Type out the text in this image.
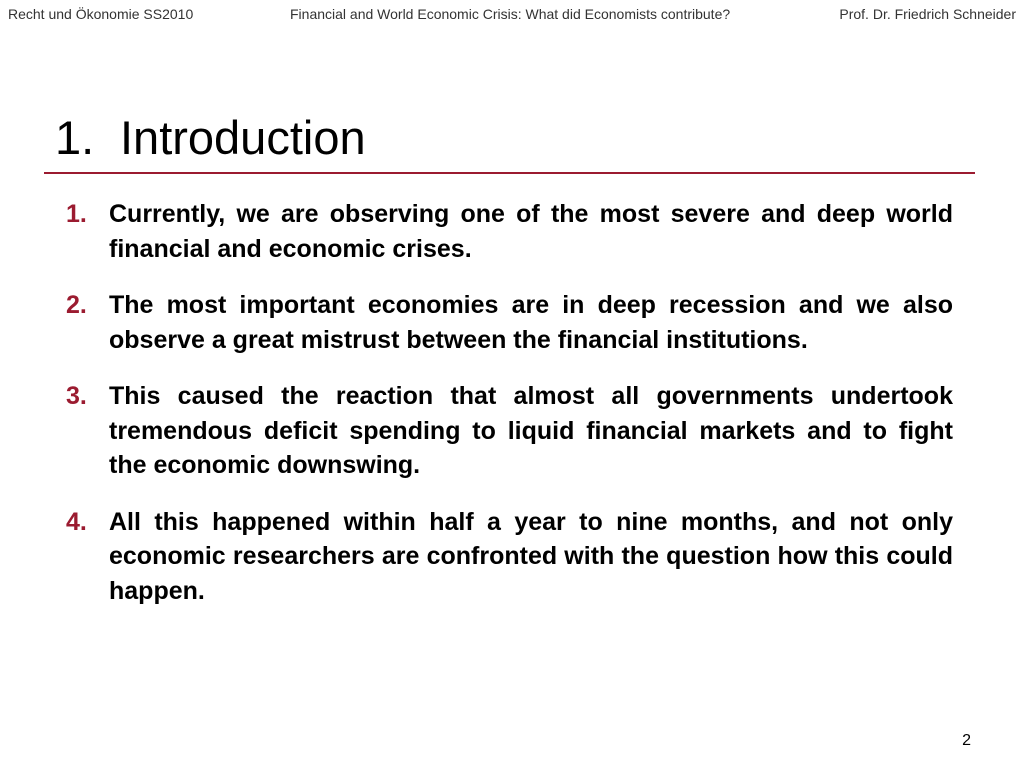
Recht und Ökonomie SS2010	Financial and World Economic Crisis: What did Economists contribute?	Prof. Dr. Friedrich Schneider
1. Introduction
1. Currently, we are observing one of the most severe and deep world financial and economic crises.
2. The most important economies are in deep recession and we also observe a great mistrust between the financial institutions.
3. This caused the reaction that almost all governments undertook tremendous deficit spending to liquid financial markets and to fight the economic downswing.
4. All this happened within half a year to nine months, and not only economic researchers are confronted with the question how this could happen.
2
